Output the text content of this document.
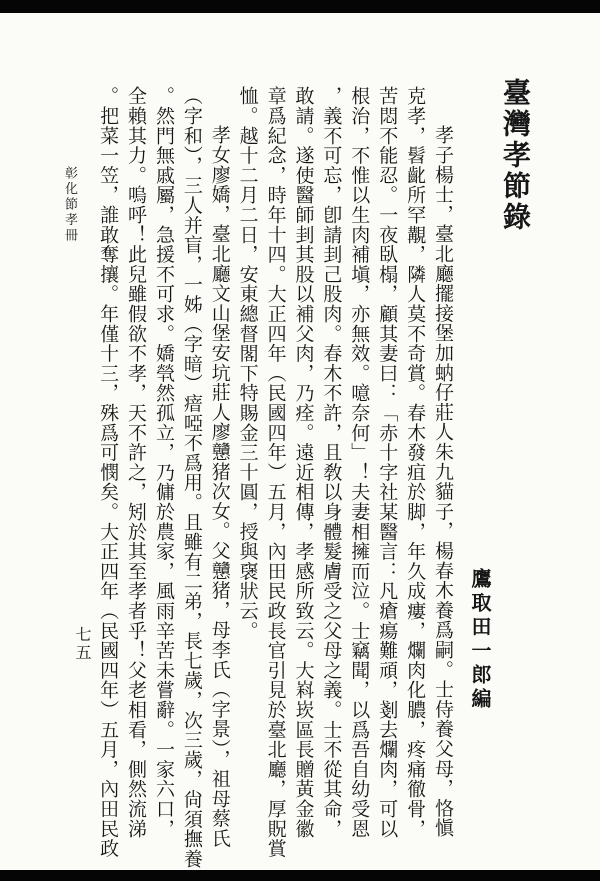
臺灣孝節錄
鷹取田一郎編
孝子楊士，臺北廳擺接堡加蚋仔莊人朱九貓子，楊春木養爲嗣。士侍養父母，恪愼
克孝，髫齔所罕覯，隣人莫不奇賞。春木發疽於脚，年久成瘻，爛肉化膿，疼痛徹骨，
苦悶不能忍。一夜臥榻，顧其妻曰：「赤十字社某醫言：凡瘡瘍難頑，剗去爛肉，可以
根治，不惟以生肉補塡，亦無效。噫奈何」！夫妻相擁而泣。士竊聞，以爲吾自幼受恩
，義不可忘，卽請刲己股肉。春木不許，且敎以身體髮膚受之父母之義。士不從其命，
敢請。遂使醫師刲其股以補父肉，乃痊。遠近相傳，孝感所致云。大嵙崁區長贈黃金徽
章爲紀念，時年十四。大正四年（民國四年）五月，內田民政長官引見於臺北廳，厚貺賞
恤。越十二月二日，安東總督閣下特賜金三十圓，授與襃狀云。
孝女廖嬌，臺北廳文山堡安坑莊人廖戇猪次女。父戇猪，母李氏（字景），祖母蔡氏
（字和），三人并盲，一姊（字暗）瘖啞不爲用。且雖有二弟，長七歲，次三歲，尙須撫養
。然門無戚屬，急援不可求。嬌煢然孤立，乃傭於農家，風雨辛苦未嘗辭。一家六口，
全賴其力。嗚呼！此兒雖假欲不孝，天不許之，矧於其至孝者乎！父老相看，側然流涕
。把菜一笠，誰敢奪攘。年僅十三，殊爲可憫矣。大正四年（民國四年）五月，內田民政
彰化節孝冊
七五
